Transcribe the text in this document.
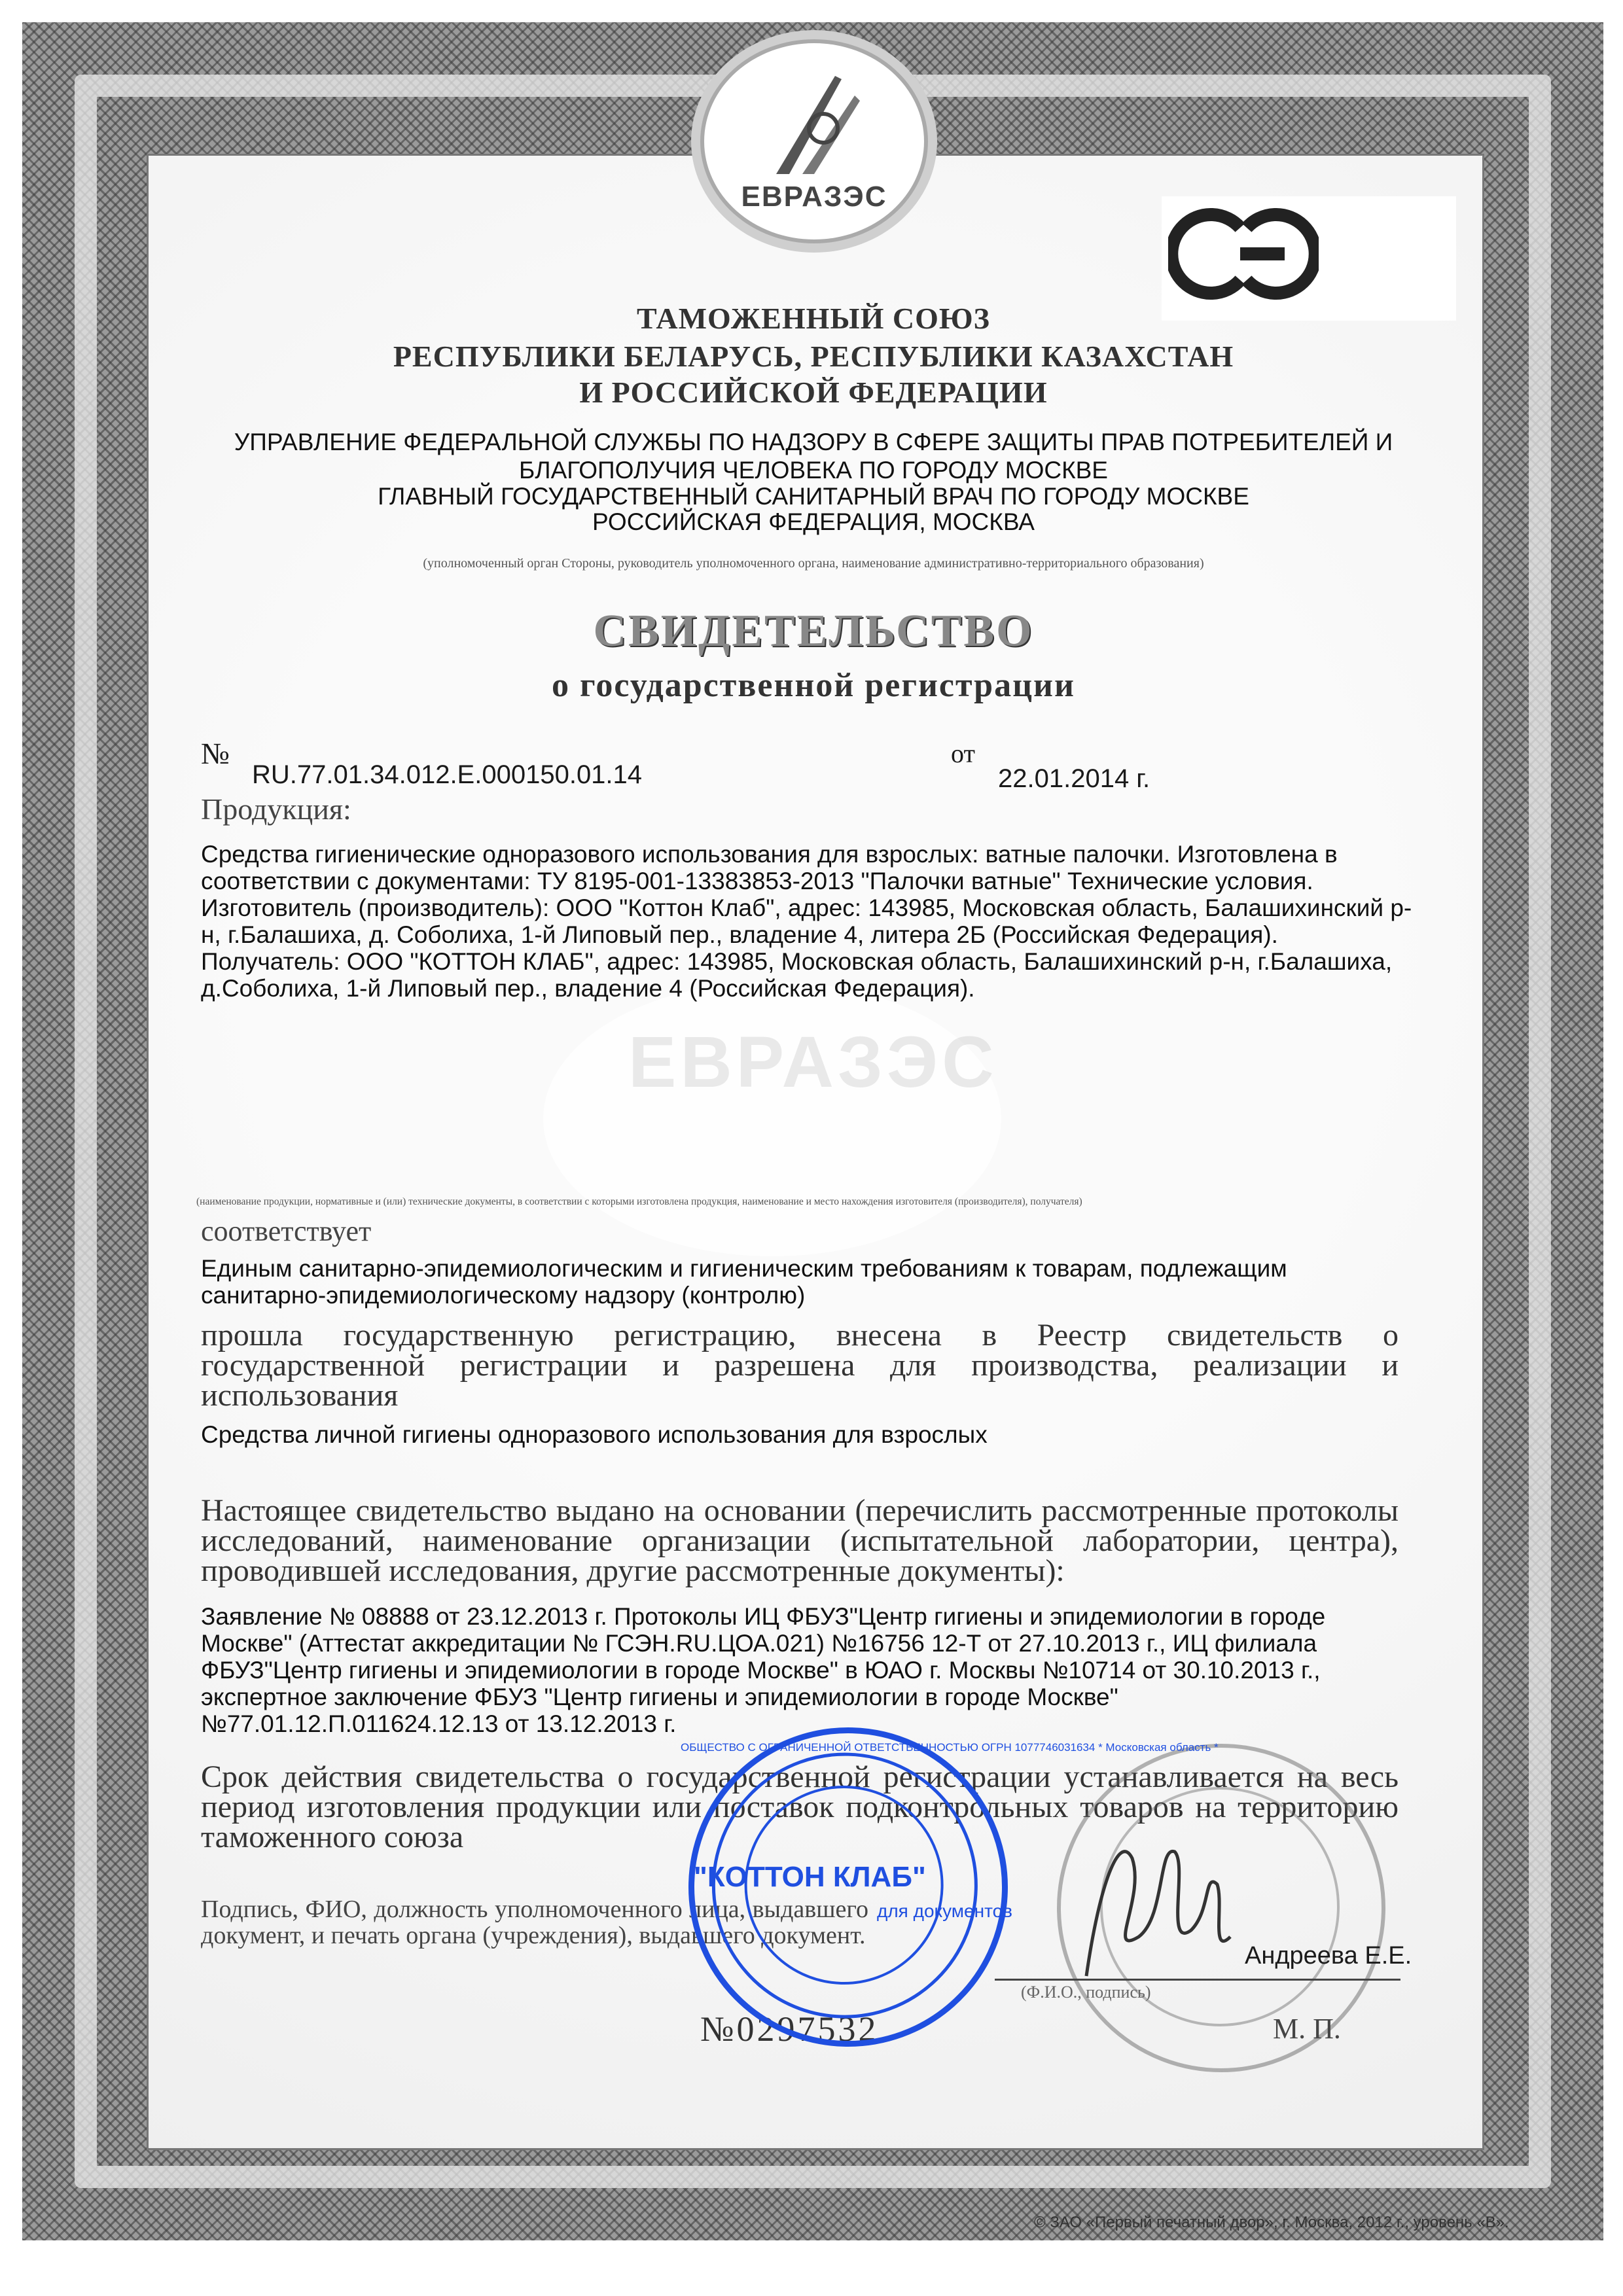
ЕВРАЗЭС
ЕВРАЗЭС
ТАМОЖЕННЫЙ СОЮЗ
РЕСПУБЛИКИ БЕЛАРУСЬ, РЕСПУБЛИКИ КАЗАХСТАН
И РОССИЙСКОЙ ФЕДЕРАЦИИ
УПРАВЛЕНИЕ ФЕДЕРАЛЬНОЙ СЛУЖБЫ ПО НАДЗОРУ В СФЕРЕ ЗАЩИТЫ ПРАВ ПОТРЕБИТЕЛЕЙ И
БЛАГОПОЛУЧИЯ ЧЕЛОВЕКА ПО ГОРОДУ МОСКВЕ
ГЛАВНЫЙ ГОСУДАРСТВЕННЫЙ САНИТАРНЫЙ ВРАЧ ПО ГОРОДУ МОСКВЕ
РОССИЙСКАЯ ФЕДЕРАЦИЯ, МОСКВА
(уполномоченный орган Стороны, руководитель уполномоченного органа, наименование административно-территориального образования)
СВИДЕТЕЛЬСТВО
о государственной регистрации
№
RU.77.01.34.012.Е.000150.01.14
от
22.01.2014 г.
Продукция:
Средства гигиенические одноразового использования для взрослых: ватные палочки. Изготовлена в
соответствии с документами: ТУ 8195-001-13383853-2013 "Палочки ватные" Технические условия.
Изготовитель (производитель): ООО "Коттон Клаб", адрес: 143985, Московская область, Балашихинский р-
н, г.Балашиха, д. Соболиха, 1-й Липовый пер., владение 4, литера 2Б (Российская Федерация).
Получатель: ООО "КОТТОН КЛАБ", адрес: 143985, Московская область, Балашихинский р-н, г.Балашиха,
д.Соболиха, 1-й Липовый пер., владение 4 (Российская Федерация).
(наименование продукции, нормативные и (или) технические документы, в соответствии с которыми изготовлена продукция, наименование и место нахождения изготовителя (производителя), получателя)
соответствует
Единым санитарно-эпидемиологическим и гигиеническим требованиям к товарам, подлежащим
санитарно-эпидемиологическому надзору (контролю)
прошла государственную регистрацию, внесена в Реестр свидетельств о государственной регистрации и разрешена для производства, реализации и использования
Средства личной гигиены одноразового использования для взрослых
Настоящее свидетельство выдано на основании (перечислить рассмотренные протоколы исследований, наименование организации (испытательной лаборатории, центра), проводившей исследования, другие рассмотренные документы):
Заявление № 08888 от 23.12.2013 г. Протоколы ИЦ ФБУЗ"Центр гигиены и эпидемиологии в городе
Москве" (Аттестат аккредитации № ГСЭН.RU.ЦОА.021) №16756 12-Т от 27.10.2013 г., ИЦ филиала
ФБУЗ"Центр гигиены и эпидемиологии в городе Москве" в ЮАО г. Москвы №10714 от 30.10.2013 г.,
экспертное заключение ФБУЗ "Центр гигиены и эпидемиологии в городе Москве"
№77.01.12.П.011624.12.13 от 13.12.2013 г.
Срок действия свидетельства о государственной регистрации устанавливается на весь период изготовления продукции или поставок подконтрольных товаров на территорию таможенного союза
Подпись, ФИО, должность уполномоченного лица, выдавшего документ, и печать органа (учреждения), выдавшего документ.
Андреева Е.Е.
(Ф.И.О., подпись)
М. П.
№0297532
ОБЩЕСТВО С ОГРАНИЧЕННОЙ ОТВЕТСТВЕННОСТЬЮ ОГРН 1077746031634 * Московская область *
"КОТТОН КЛАБ"
для документов
© ЗАО «Первый печатный двор», г. Москва, 2012 г., уровень «В».
